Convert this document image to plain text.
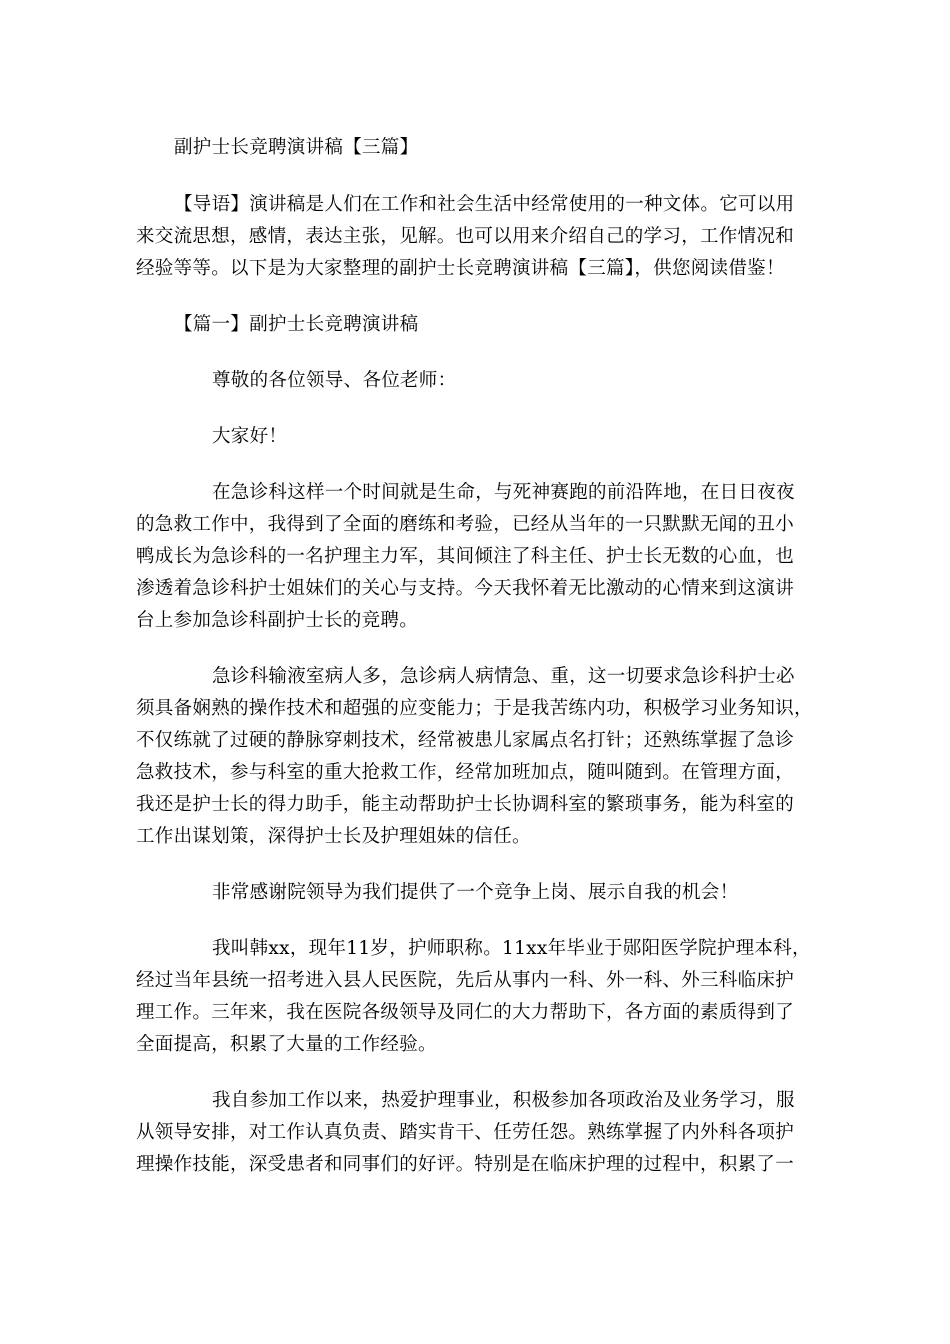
副护士长竞聘演讲稿【三篇】
【导语】演讲稿是人们在工作和社会生活中经常使用的一种文体。它可以用
来交流思想，感情，表达主张，见解。也可以用来介绍自己的学习，工作情况和
经验等等。以下是为大家整理的副护士长竞聘演讲稿【三篇】，供您阅读借鉴！
【篇一】副护士长竞聘演讲稿
尊敬的各位领导、各位老师：
大家好！
在急诊科这样一个时间就是生命，与死神赛跑的前沿阵地，在日日夜夜
的急救工作中，我得到了全面的磨练和考验，已经从当年的一只默默无闻的丑小
鸭成长为急诊科的一名护理主力军，其间倾注了科主任、护士长无数的心血，也
渗透着急诊科护士姐妹们的关心与支持。今天我怀着无比激动的心情来到这演讲
台上参加急诊科副护士长的竞聘。
急诊科输液室病人多，急诊病人病情急、重，这一切要求急诊科护士必
须具备娴熟的操作技术和超强的应变能力；于是我苦练内功，积极学习业务知识，
不仅练就了过硬的静脉穿刺技术，经常被患儿家属点名打针；还熟练掌握了急诊
急救技术，参与科室的重大抢救工作，经常加班加点，随叫随到。在管理方面，
我还是护士长的得力助手，能主动帮助护士长协调科室的繁琐事务，能为科室的
工作出谋划策，深得护士长及护理姐妹的信任。
非常感谢院领导为我们提供了一个竞争上岗、展示自我的机会！
我叫韩xx，现年11岁，护师职称。11xx年毕业于郧阳医学院护理本科，
经过当年县统一招考进入县人民医院，先后从事内一科、外一科、外三科临床护
理工作。三年来，我在医院各级领导及同仁的大力帮助下，各方面的素质得到了
全面提高，积累了大量的工作经验。
我自参加工作以来，热爱护理事业，积极参加各项政治及业务学习，服
从领导安排，对工作认真负责、踏实肯干、任劳任怨。熟练掌握了内外科各项护
理操作技能，深受患者和同事们的好评。特别是在临床护理的过程中，积累了一
